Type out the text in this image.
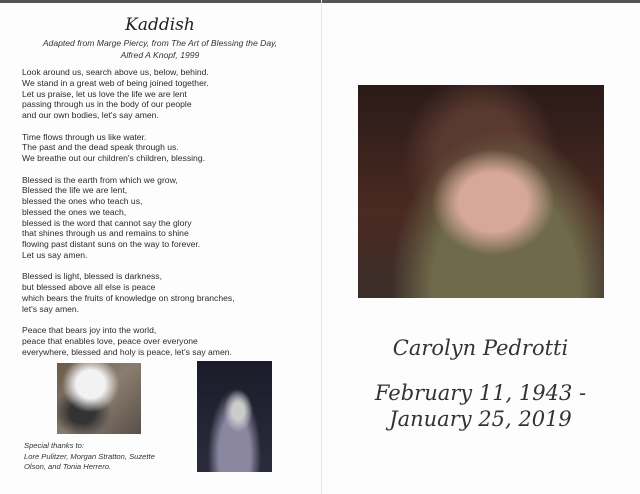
Kaddish
Adapted from Marge Piercy, from The Art of Blessing the Day,
Alfred A Knopf, 1999
Look around us, search above us, below, behind.
We stand in a great web of being joined together.
Let us praise, let us love the life we are lent
passing through us in the body of our people
and our own bodies, let's say amen.
Time flows through us like water.
The past and the dead speak through us.
We breathe out our children's children, blessing.
Blessed is the earth from which we grow,
Blessed the life we are lent,
blessed the ones who teach us,
blessed the ones we teach,
blessed is the word that cannot say the glory
that shines through us and remains to shine
flowing past distant suns on the way to forever.
Let us say amen.
Blessed is light, blessed is darkness,
but blessed above all else is peace
which bears the fruits of knowledge on strong branches,
let's say amen.
Peace that bears joy into the world,
peace that enables love, peace over everyone
everywhere, blessed and holy is peace, let's say amen.
Special thanks to:
Lore Pulitzer, Morgan Stratton, Suzette
Olson, and Tonia Herrero.
Carolyn Pedrotti
February 11, 1943 -
January 25, 2019
